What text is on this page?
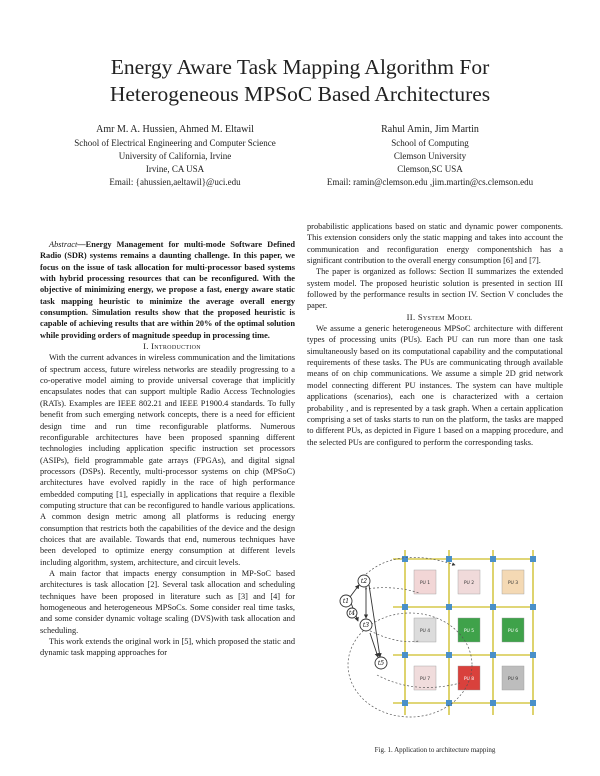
Energy Aware Task Mapping Algorithm For
Heterogeneous MPSoC Based Architectures
Amr M. A. Hussien, Ahmed M. Eltawil
School of Electrical Engineering and Computer Science
University of California, Irvine
Irvine, CA USA
Email: {ahussien,aeltawil}@uci.edu
Rahul Amin, Jim Martin
School of Computing
Clemson University
Clemson,SC USA
Email: ramin@clemson.edu ,jim.martin@cs.clemson.edu

Abstract—Energy Management for multi-mode Software Defined Radio (SDR) systems remains a daunting challenge. In this paper, we focus on the issue of task allocation for multi-processor based systems with hybrid processing resources that can be reconfigured. With the objective of minimizing energy, we propose a fast, energy aware static task mapping heuristic to minimize the average overall energy consumption. Simulation results show that the proposed heuristic is capable of achieving results that are within 20% of the optimal solution while providing orders of magnitude speedup in processing time.

I. Introduction

With the current advances in wireless communication and the limitations of spectrum access, future wireless networks are steadily progressing to a co-operative model aiming to provide universal coverage that implicitly encapsulates nodes that can support multiple Radio Access Technologies (RATs). Examples are IEEE 802.21 and IEEE P1900.4 standards. To fully benefit from such emerging network concepts, there is a need for efficient design time and run time reconfigurable platforms. Numerous reconfigurable architectures have been proposed spanning different technologies including application specific instruction set processors (ASIPs), field programmable gate arrays (FPGAs), and digital signal processors (DSPs). Recently, multi-processor systems on chip (MPSoC) architectures have evolved rapidly in the race of high performance embedded computing [1], especially in applications that require a flexible computing structure that can be reconfigured to handle various applications. A common design metric among all platforms is reducing energy consumption that restricts both the capabilities of the device and the design choices that are available. Towards that end, numerous techniques have been developed to optimize energy consumption at different levels including algorithm, system, architecture, and circuit levels.

A main factor that impacts energy consumption in MP-SoC based architectures is task allocation [2]. Several task allocation and scheduling techniques have been proposed in literature such as [3] and [4] for homogeneous and heterogeneous MPSoCs. Some consider real time tasks, and some consider dynamic voltage scaling (DVS)with task allocation and scheduling.

This work extends the original work in [5], which proposed the static and dynamic task mapping approaches for

probabilistic applications based on static and dynamic power components. This extension considers only the static mapping and takes into account the communication and reconfiguration energy componentshich has a significant contribution to the overall energy consumption [6] and [7].

The paper is organized as follows: Section II summarizes the extended system model. The proposed heuristic solution is presented in section III followed by the performance results in section IV. Section V concludes the paper.

II. System Model

We assume a generic heterogeneous MPSoC architecture with different types of processing units (PUs). Each PU can run more than one task simultaneously based on its computational capability and the computational requirements of these tasks. The PUs are communicating through available means of on chip communications. We assume a simple 2D grid network model connecting different PU instances. The system can have multiple applications (scenarios), each one is characterized with a certaion probability , and is represented by a task graph. When a certain application comprising a set of tasks starts to run on the platform, the tasks are mapped to different PUs, as depicted in Figure 1 based on a mapping procedure, and the selected PUs are configured to perform the corresponding tasks.

PU 1	PU 2	PU 3
PU 4	PU 5	PU 6
PU 7	PU 8	PU 9
t1
t2
t3
t4
t5
Fig. 1. Application to architecture mapping
